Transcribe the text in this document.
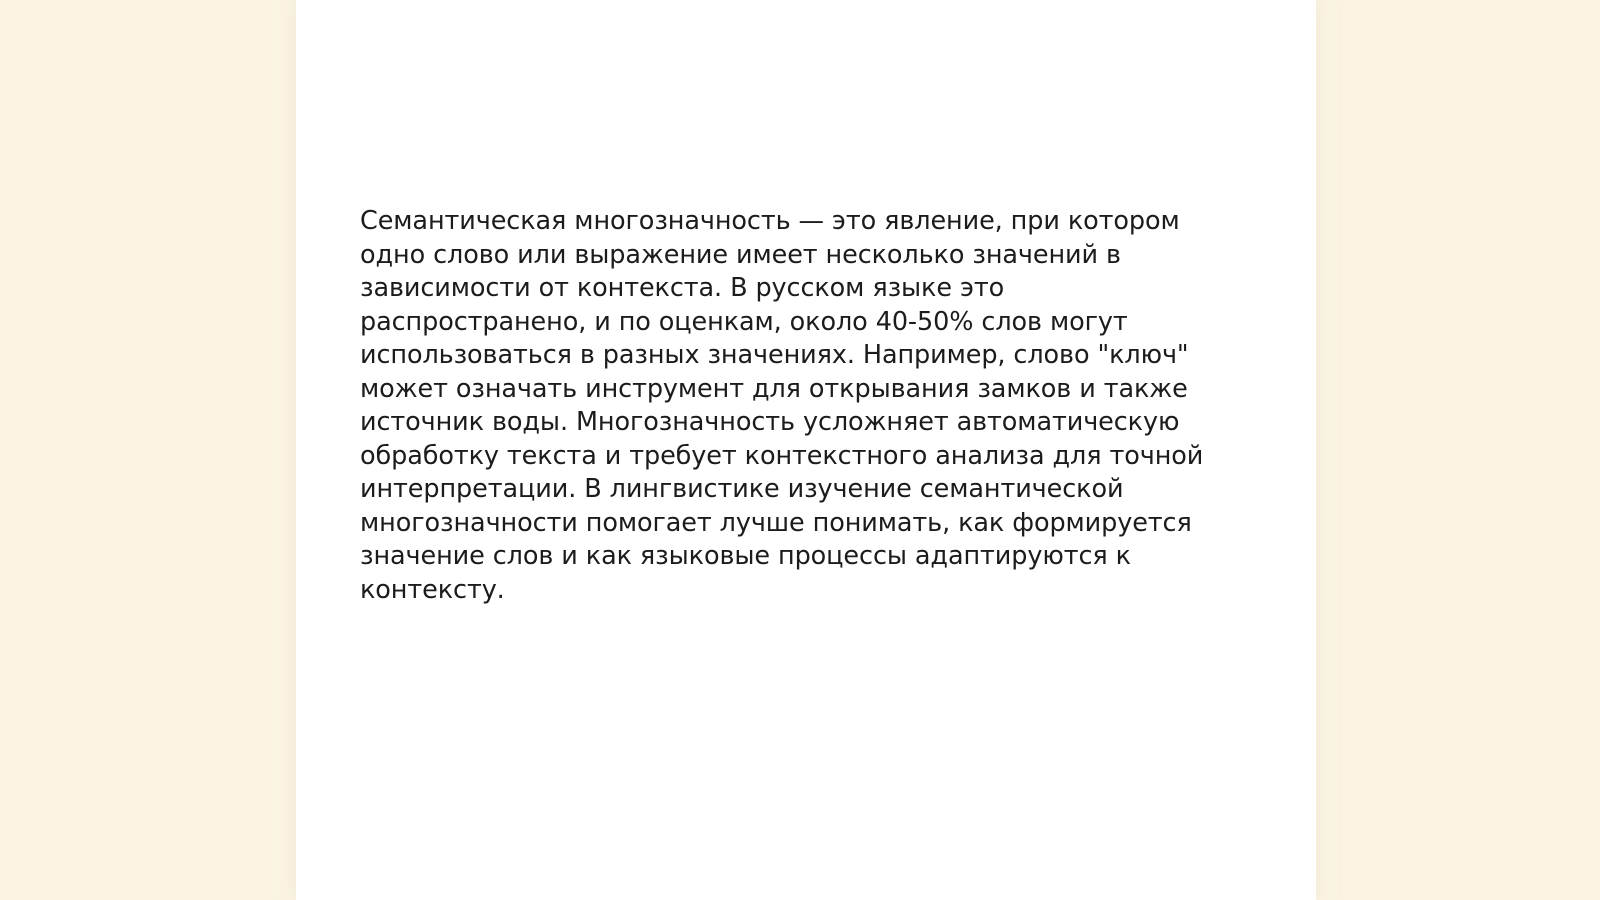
Семантическая многозначность — это явление, при котором
одно слово или выражение имеет несколько значений в
зависимости от контекста. В русском языке это
распространено, и по оценкам, около 40-50% слов могут
использоваться в разных значениях. Например, слово "ключ"
может означать инструмент для открывания замков и также
источник воды. Многозначность усложняет автоматическую
обработку текста и требует контекстного анализа для точной
интерпретации. В лингвистике изучение семантической
многозначности помогает лучше понимать, как формируется
значение слов и как языковые процессы адаптируются к
контексту.
